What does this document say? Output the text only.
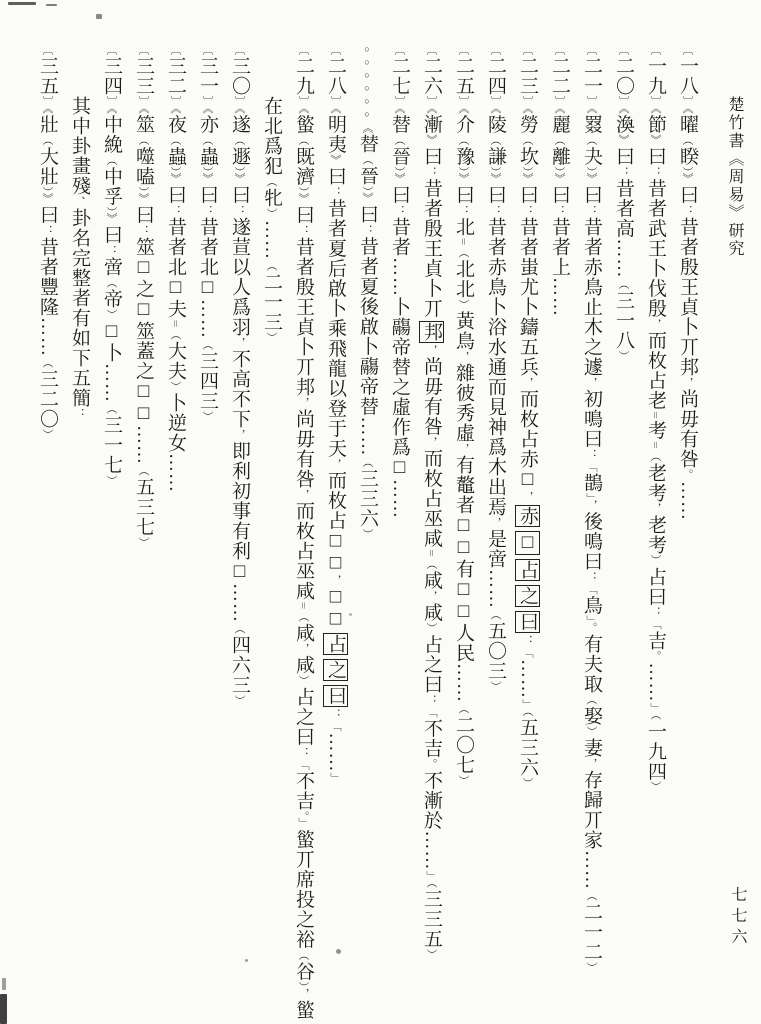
楚竹書《周易》研究
〔一八〕《曜（睽）》曰：昔者殷王貞卜丌邦，尚毋有咎。……
〔一九〕《節》曰：昔者武王卜伐殷，而枚占老＝考＝（老考，老考）占曰：「吉。……」（一九四）
〔二〇〕《渙》曰：昔者高……（三一八）
〔二一〕《罬（夬）》曰：昔者赤鳥止木之遽，初鳴曰：「鵲」，後鳴曰：「鳥」。有夫取（娶）妻，存歸丌家……（二一二）
〔二二〕《麗（離）》曰：昔者上……
〔二三〕《勞（坎）》曰：昔者蚩尤卜鑄五兵，而枚占赤□，赤□占之曰：「……」（五三六）
〔二四〕《陵（謙）》曰：昔者赤鳥卜浴水通而見神爲木出焉，是啻……（五〇三）
〔二五〕《介（豫）》曰：北＝（北北）黃鳥，雜彼秀虛，有鼇者□□有□□人民……（二〇七）
〔二六〕《漸》曰：昔者殷王貞卜丌邦，尚毋有咎，而枚占巫咸＝（咸，咸）占之曰：「不吉。不漸於……」（三三五）
〔二七〕《替（晉）》曰：昔者……卜鬺帝替之虛作爲□……
○○○○○○《替（晉）》曰：昔者夏後啟卜鬺帝替……（三三六）
〔二八〕《明夷》曰：昔者夏后啟卜乘飛龍以登于天，而枚占□□，□□占之曰：「……」
〔二九〕《螸（既濟）》曰：昔者殷王貞卜丌邦，尚毋有咎，而枚占巫咸＝（咸，咸）占之曰：「不吉。」螸丌席投之裕（谷），螸
在北爲犯（牝）……（二一三）
〔三〇〕《遂（遯）》曰：遂荁以人爲羽，不高不下，即利初事有利□……（四六三）
〔三一〕《亦（蟲）》曰：昔者北□……（三四三）
〔三二〕《夜（蟲）》曰：昔者北□夫＝（大夫）卜逆女……
〔三三〕《筮（噬嗑）》曰：筮□之□筮蓋之□□……（五三七）
〔三四〕《中絻（中孚）》曰：啻（帝）□卜……（三一七）
其中卦畫殘、卦名完整者有如下五簡：
〔三五〕《壯（大壯）》曰：昔者豐隆……（三二〇）
七七六
